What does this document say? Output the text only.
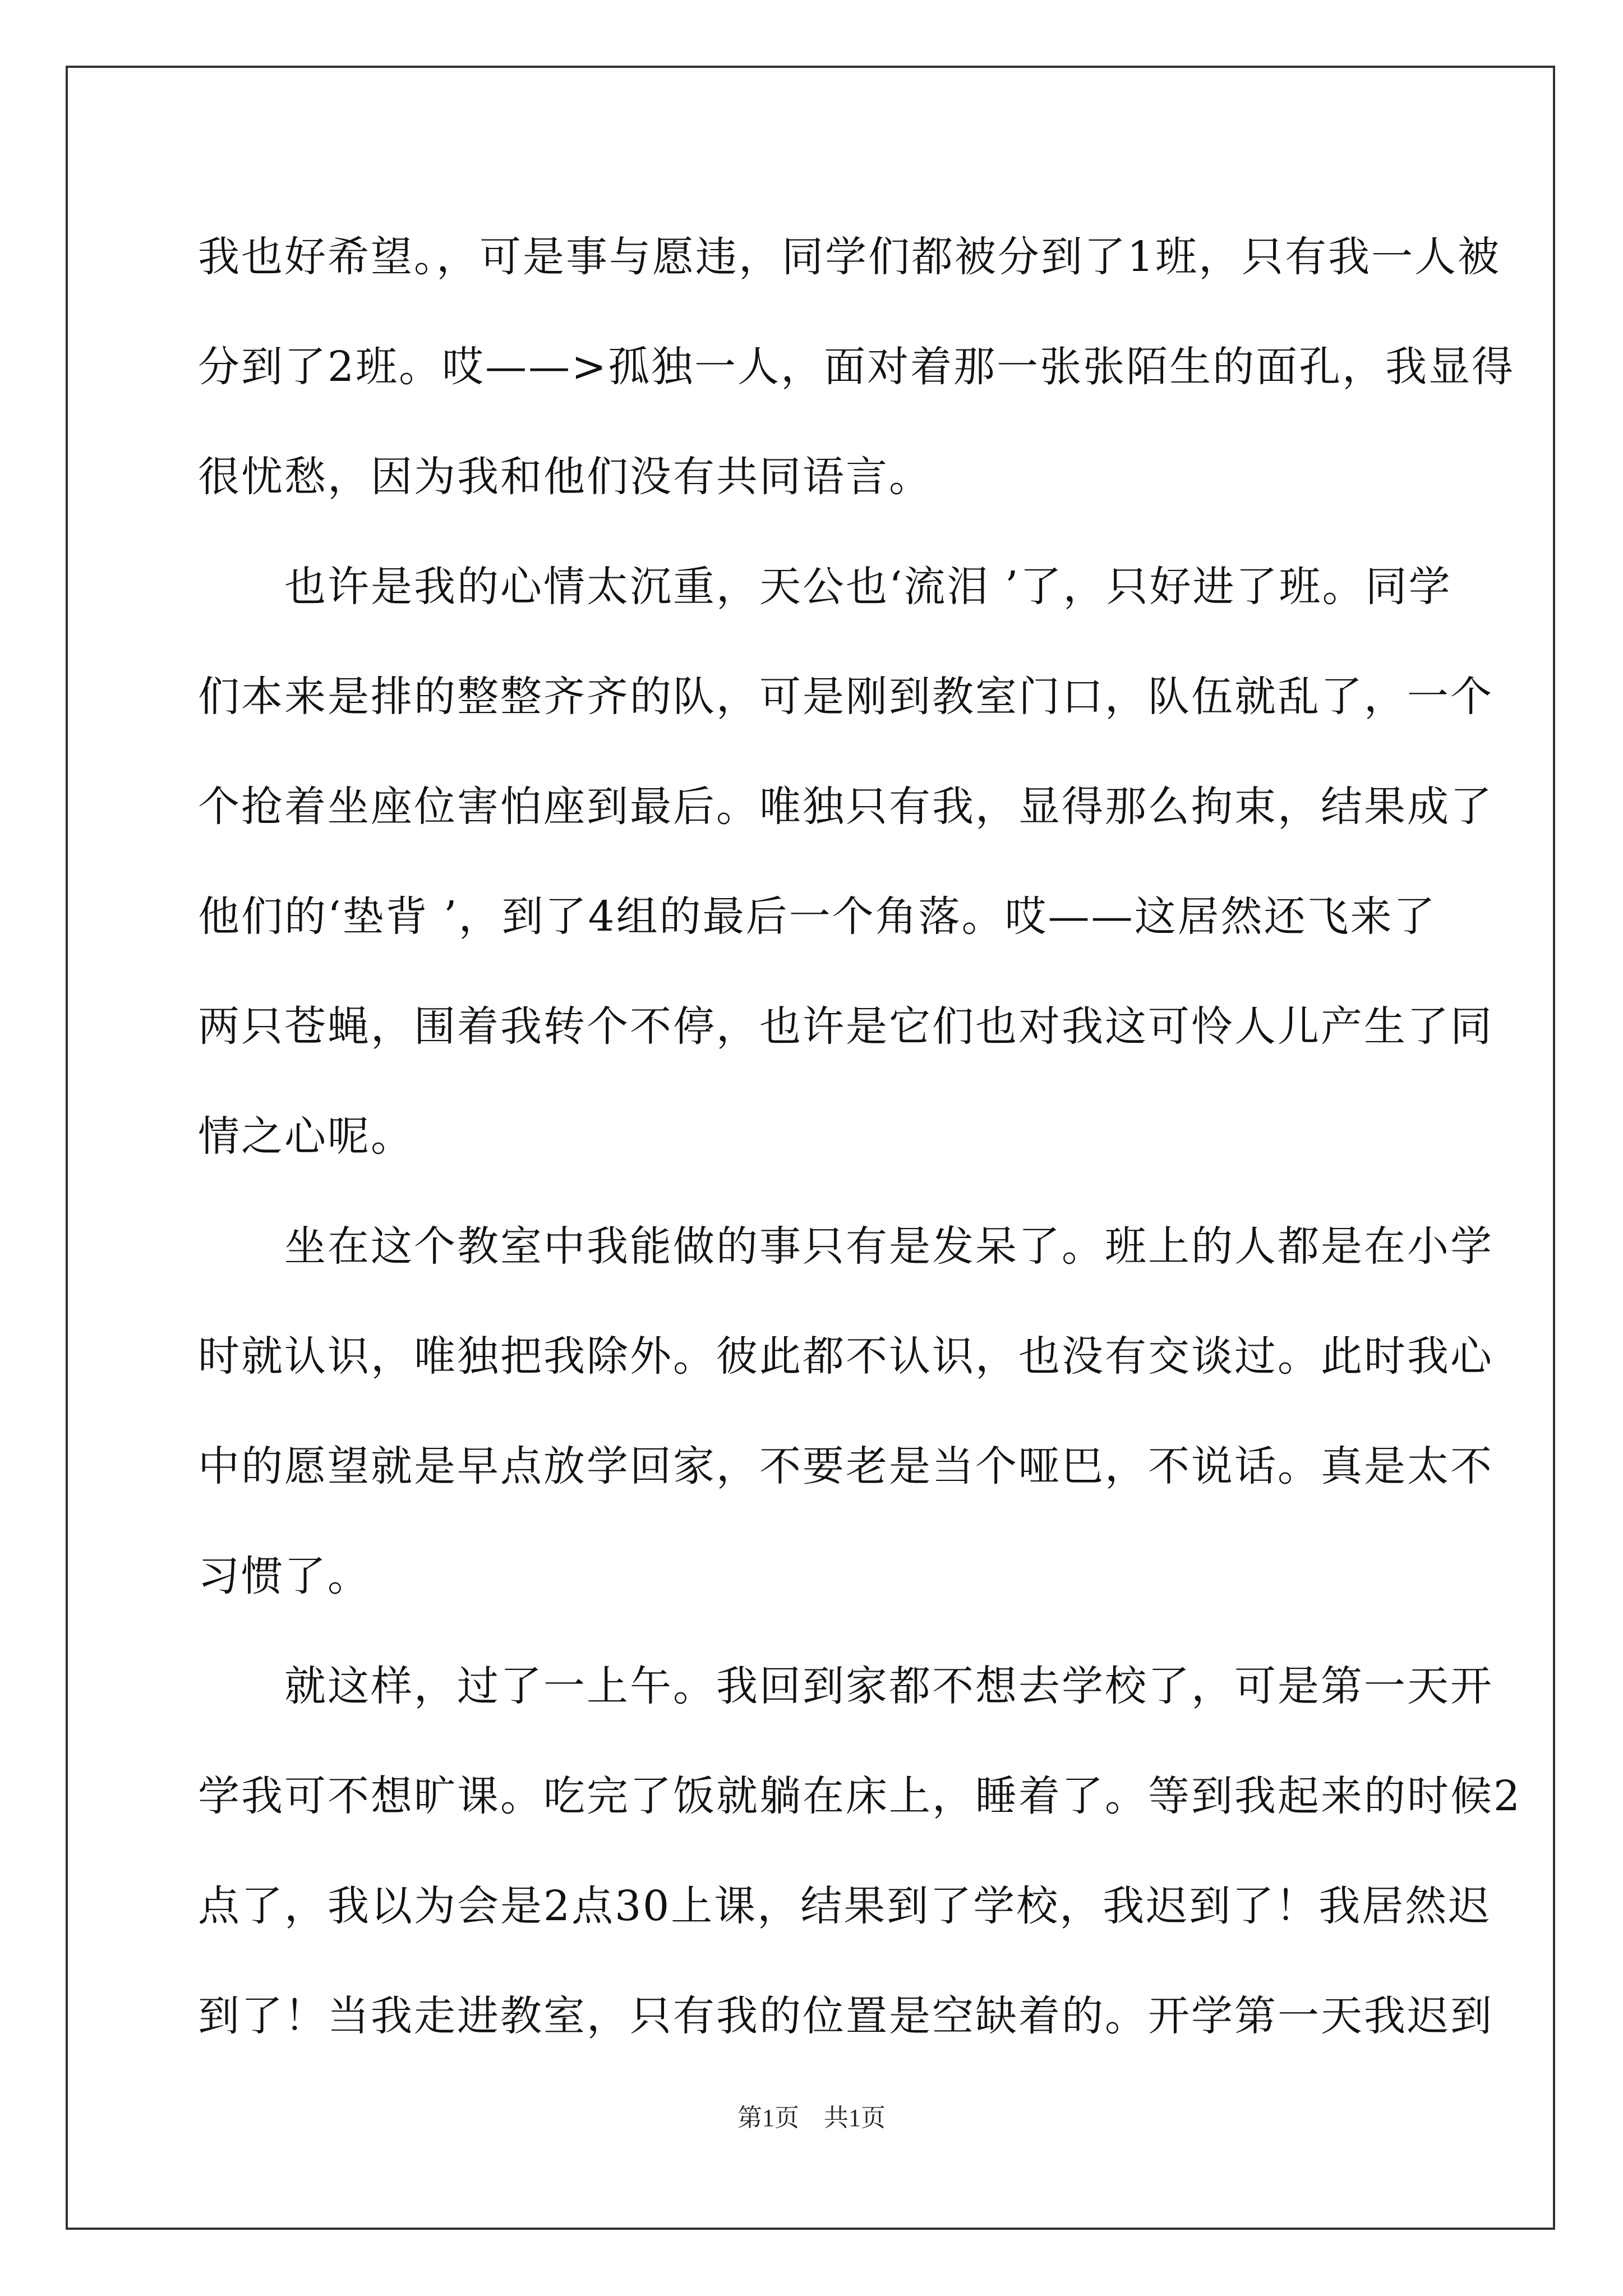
我也好希望。，可是事与愿违，同学们都被分到了1班，只有我一人被
分到了2班。哎——>孤独一人，面对着那一张张陌生的面孔，我显得
很忧愁，因为我和他们没有共同语言。
　　也许是我的心情太沉重，天公也‘流泪 ’了，只好进了班。同学
们本来是排的整整齐齐的队，可是刚到教室门口，队伍就乱了，一个
个抢着坐座位害怕座到最后。唯独只有我，显得那么拘束，结果成了
他们的‘垫背 ’，到了4组的最后一个角落。哎——这居然还飞来了
两只苍蝇，围着我转个不停，也许是它们也对我这可怜人儿产生了同
情之心呢。
　　坐在这个教室中我能做的事只有是发呆了。班上的人都是在小学
时就认识，唯独把我除外。彼此都不认识，也没有交谈过。此时我心
中的愿望就是早点放学回家，不要老是当个哑巴，不说话。真是太不
习惯了。
　　就这样，过了一上午。我回到家都不想去学校了，可是第一天开
学我可不想旷课。吃完了饭就躺在床上，睡着了。等到我起来的时候2
点了，我以为会是2点30上课，结果到了学校，我迟到了！我居然迟
到了！当我走进教室，只有我的位置是空缺着的。开学第一天我迟到
第1页　共1页
